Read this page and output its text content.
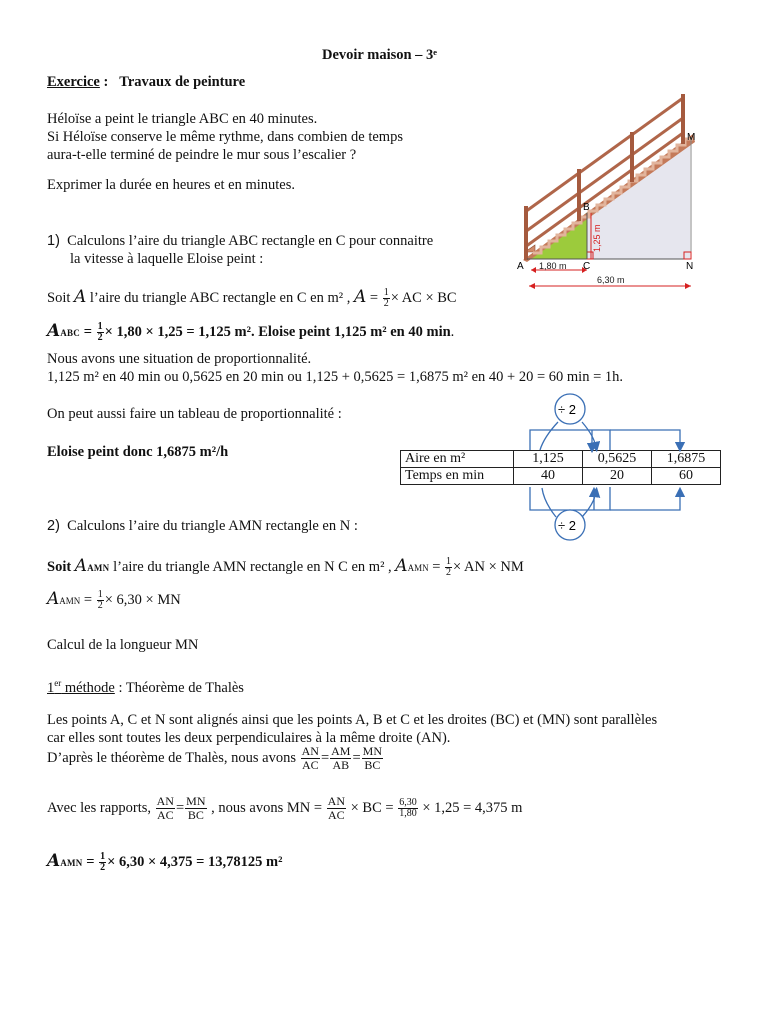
Devoir maison – 3ᵉ
Exercice : Travaux de peinture
Héloïse a peint le triangle ABC en 40 minutes.
Si Héloïse conserve le même rythme, dans combien de temps
aura-t-elle terminé de peindre le mur sous l’escalier ?
Exprimer la durée en heures et en minutes.
A
B
C
M
N
1,80 m
6,30 m
1,25 m
1) Calculons l’aire du triangle ABC rectangle en C pour connaitre
la vitesse à laquelle Eloise peint :
Soit A l’aire du triangle ABC rectangle en C en m² , $A = \frac{1}{2}$ × AC × BC
AABC = $\frac{1}{2} \times 1,80 \times 1,25 = 1,125$ m². Eloise peint 1,125 m² en 40 min.
Nous avons une situation de proportionnalité.
1,125 m² en 40 min ou 0,5625 en 20 min ou 1,125 + 0,5625 = 1,6875 m² en 40 + 20 = 60 min = 1h.
On peut aussi faire un tableau de proportionnalité :
Eloise peint donc 1,6875 m²/h	Aire en m²	1,125	0,5625	1,6875
Temps en min	40	20	60
÷ 2
÷ 2
2) Calculons l’aire du triangle AMN rectangle en N :
Soit AAMN l’aire du triangle AMN rectangle en N C en m² , AAMN = $\frac{1}{2}$ × AN × NM
AAMN = $\frac{1}{2} \times 6,30$ × MN
Calcul de la longueur MN
1er méthode : Théorème de Thalès
Les points A, C et N sont alignés ainsi que les points A, B et C et les droites (BC) et (MN) sont parallèles
car elles sont toutes les deux perpendiculaires à la même droite (AN).
D’après le théorème de Thalès, nous avons $\frac{AN}{AC} = \frac{AM}{AB} = \frac{MN}{BC}$
Avec les rapports, $\frac{AN}{AC} = \frac{MN}{BC}$ , nous avons MN = $\frac{AN}{AC}$ × BC = $\frac{6,30}{1,80} \times 1,25 = 4,375$ m
AAMN = $\frac{1}{2} \times 6,30 \times 4,375 = 13,78125$ m²
